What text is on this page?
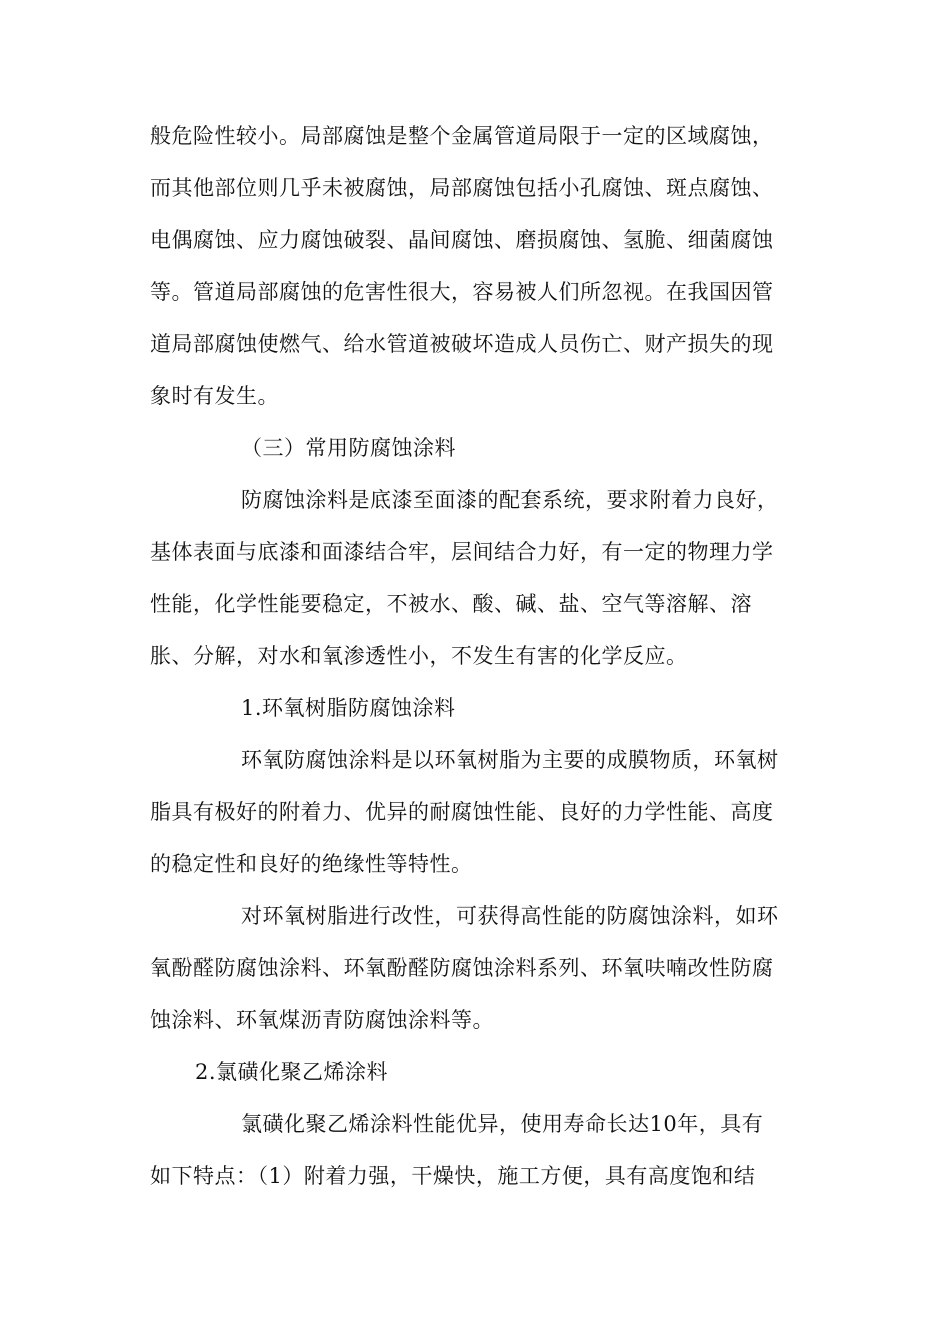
般危险性较小。局部腐蚀是整个金属管道局限于一定的区域腐蚀，
而其他部位则几乎未被腐蚀，局部腐蚀包括小孔腐蚀、斑点腐蚀、
电偶腐蚀、应力腐蚀破裂、晶间腐蚀、磨损腐蚀、氢脆、细菌腐蚀
等。管道局部腐蚀的危害性很大，容易被人们所忽视。在我国因管
道局部腐蚀使燃气、给水管道被破坏造成人员伤亡、财产损失的现
象时有发生。
（三）常用防腐蚀涂料
防腐蚀涂料是底漆至面漆的配套系统，要求附着力良好，
基体表面与底漆和面漆结合牢，层间结合力好，有一定的物理力学
性能，化学性能要稳定，不被水、酸、碱、盐、空气等溶解、溶
胀、分解，对水和氧渗透性小，不发生有害的化学反应。
1.环氧树脂防腐蚀涂料
环氧防腐蚀涂料是以环氧树脂为主要的成膜物质，环氧树
脂具有极好的附着力、优异的耐腐蚀性能、良好的力学性能、高度
的稳定性和良好的绝缘性等特性。
对环氧树脂进行改性，可获得高性能的防腐蚀涂料，如环
氧酚醛防腐蚀涂料、环氧酚醛防腐蚀涂料系列、环氧呋喃改性防腐
蚀涂料、环氧煤沥青防腐蚀涂料等。
2.氯磺化聚乙烯涂料
氯磺化聚乙烯涂料性能优异，使用寿命长达10年，具有
如下特点：（1）附着力强，干燥快，施工方便，具有高度饱和结
